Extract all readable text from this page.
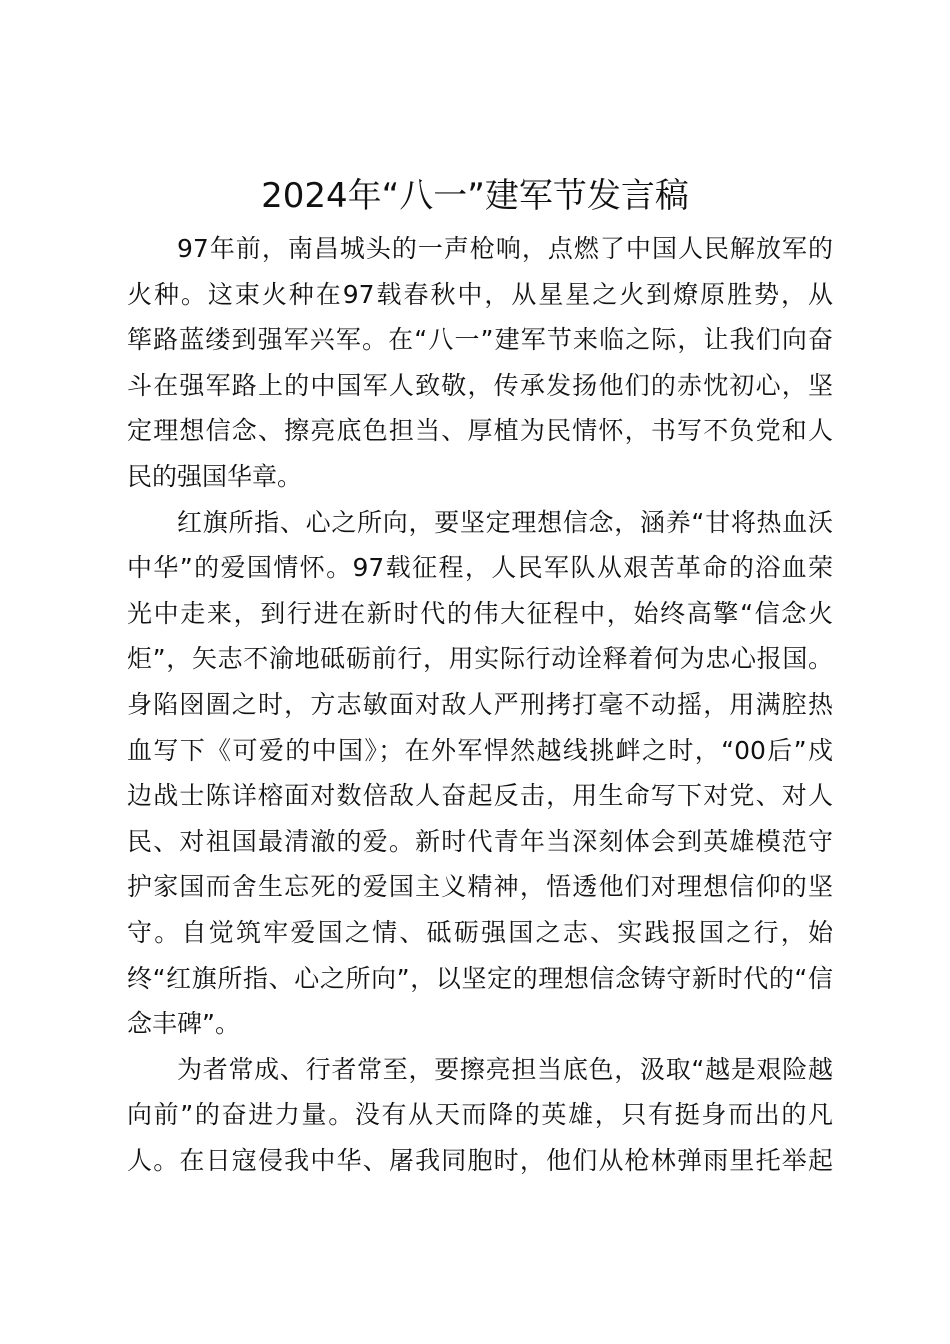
2024年“八一”建军节发言稿
97年前，南昌城头的一声枪响，点燃了中国人民解放军的
火种。这束火种在97载春秋中，从星星之火到燎原胜势，从
筚路蓝缕到强军兴军。在“八一”建军节来临之际，让我们向奋
斗在强军路上的中国军人致敬，传承发扬他们的赤忱初心，坚
定理想信念、擦亮底色担当、厚植为民情怀，书写不负党和人
民的强国华章。
红旗所指、心之所向，要坚定理想信念，涵养“甘将热血沃
中华”的爱国情怀。97载征程，人民军队从艰苦革命的浴血荣
光中走来，到行进在新时代的伟大征程中，始终高擎“信念火
炬”，矢志不渝地砥砺前行，用实际行动诠释着何为忠心报国。
身陷囹圄之时，方志敏面对敌人严刑拷打毫不动摇，用满腔热
血写下《可爱的中国》；在外军悍然越线挑衅之时，“00后”戍
边战士陈详榕面对数倍敌人奋起反击，用生命写下对党、对人
民、对祖国最清澈的爱。新时代青年当深刻体会到英雄模范守
护家国而舍生忘死的爱国主义精神，悟透他们对理想信仰的坚
守。自觉筑牢爱国之情、砥砺强国之志、实践报国之行，始
终“红旗所指、心之所向”，以坚定的理想信念铸守新时代的“信
念丰碑”。
为者常成、行者常至，要擦亮担当底色，汲取“越是艰险越
向前”的奋进力量。没有从天而降的英雄，只有挺身而出的凡
人。在日寇侵我中华、屠我同胞时，他们从枪林弹雨里托举起
